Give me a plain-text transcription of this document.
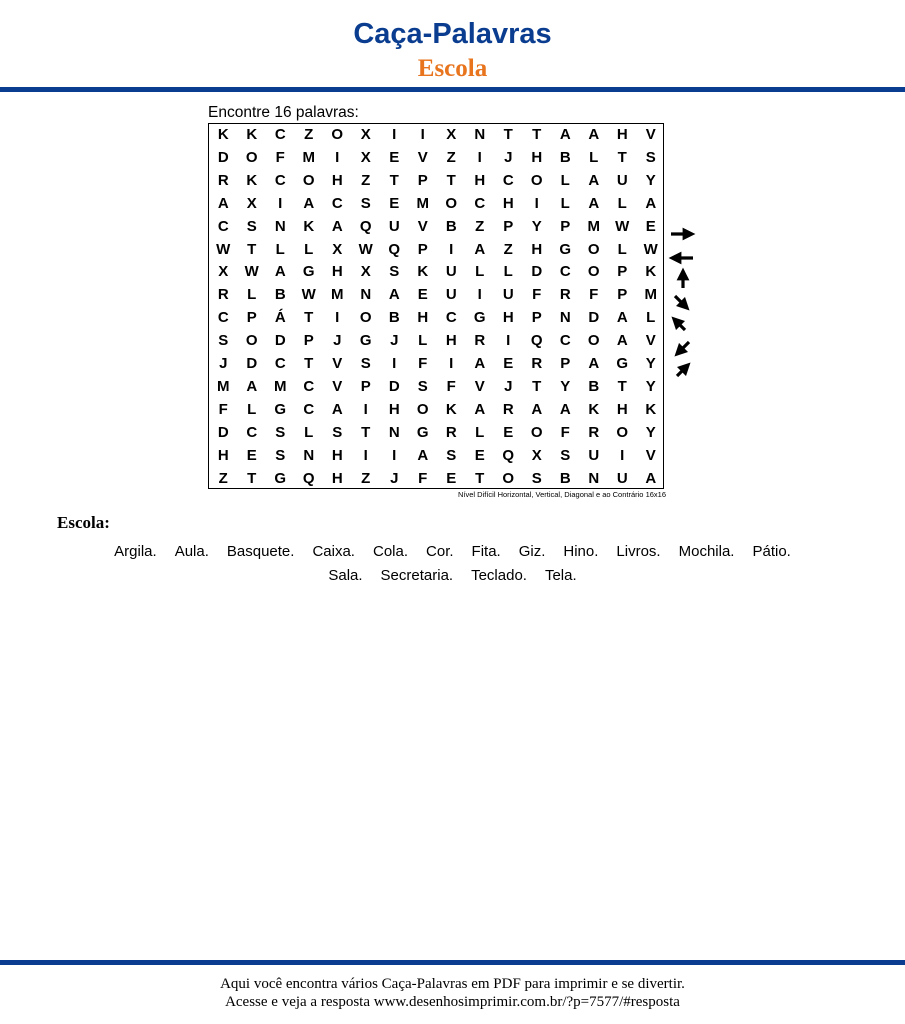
Caça-Palavras
Escola
Encontre 16 palavras:
K	K	C	Z	O	X	I	I	X	N	T	T	A	A	H	V
D	O	F	M	I	X	E	V	Z	I	J	H	B	L	T	S
R	K	C	O	H	Z	T	P	T	H	C	O	L	A	U	Y
A	X	I	A	C	S	E	M	O	C	H	I	L	A	L	A
C	S	N	K	A	Q	U	V	B	Z	P	Y	P	M	W	E
W	T	L	L	X	W	Q	P	I	A	Z	H	G	O	L	W
X	W	A	G	H	X	S	K	U	L	L	D	C	O	P	K
R	L	B	W	M	N	A	E	U	I	U	F	R	F	P	M
C	P	Á	T	I	O	B	H	C	G	H	P	N	D	A	L
S	O	D	P	J	G	J	L	H	R	I	Q	C	O	A	V
J	D	C	T	V	S	I	F	I	A	E	R	P	A	G	Y
M	A	M	C	V	P	D	S	F	V	J	T	Y	B	T	Y
F	L	G	C	A	I	H	O	K	A	R	A	A	K	H	K
D	C	S	L	S	T	N	G	R	L	E	O	F	R	O	Y
H	E	S	N	H	I	I	A	S	E	Q	X	S	U	I	V
Z	T	G	Q	H	Z	J	F	E	T	O	S	B	N	U	A
Nível Difícil Horizontal, Vertical, Diagonal e ao Contrário 16x16
Escola:
Argila. Aula. Basquete. Caixa. Cola. Cor. Fita. Giz. Hino. Livros. Mochila. Pátio.
Sala. Secretaria. Teclado. Tela.
Aqui você encontra vários Caça-Palavras em PDF para imprimir e se divertir.
Acesse e veja a resposta www.desenhosimprimir.com.br/?p=7577/#resposta
